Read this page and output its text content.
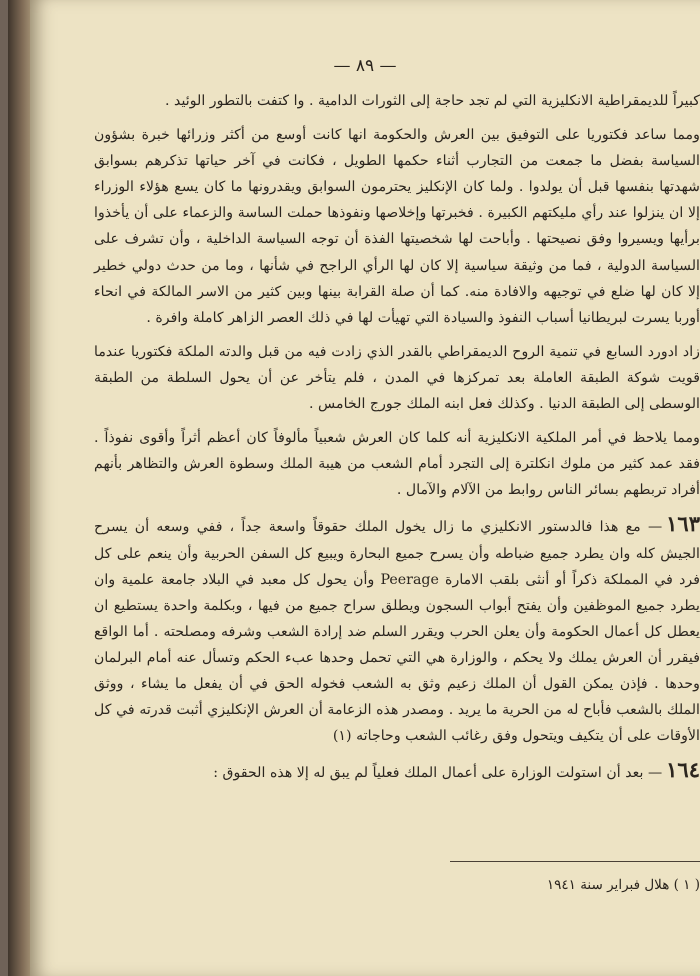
— ٨٩ —

كبيراً للديمقراطية الانكليزية التي لم تجد حاجة إلى الثورات الدامية . وا كتفت بالتطور الوئيد .

ومما ساعد فكتوريا على التوفيق بين العرش والحكومة انها كانت أوسع من أكثر وزرائها خبرة بشؤون السياسة بفضل ما جمعت من التجارب أثناء حكمها الطويل ، فكانت في آخر حياتها تذكرهم بسوابق شهدتها بنفسها قبل أن يولدوا . ولما كان الإنكليز يحترمون السوابق ويقدرونها ما كان يسع هؤلاء الوزراء إلا ان ينزلوا عند رأي مليكتهم الكبيرة . فخبرتها وإخلاصها ونفوذها حملت الساسة والزعماء على أن يأخذوا برأيها ويسيروا وفق نصيحتها . وأباحت لها شخصيتها الفذة أن توجه السياسة الداخلية ، وأن تشرف على السياسة الدولية ، فما من وثيقة سياسية إلا كان لها الرأي الراجح في شأنها ، وما من حدث دولي خطير إلا كان لها ضلع في توجيهه والافادة منه. كما أن صلة القرابة بينها وبين كثير من الاسر المالكة في انحاء أوربا يسرت لبريطانيا أسباب النفوذ والسيادة التي تهيأت لها في ذلك العصر الزاهر كاملة وافرة .

زاد ادورد السابع في تنمية الروح الديمقراطي بالقدر الذي زادت فيه من قبل والدته الملكة فكتوريا عندما قويت شوكة الطبقة العاملة بعد تمركزها في المدن ، فلم يتأخر عن أن يحول السلطة من الطبقة الوسطى إلى الطبقة الدنيا . وكذلك فعل ابنه الملك جورج الخامس .

ومما يلاحظ في أمر الملكية الانكليزية أنه كلما كان العرش شعبياً مألوفاً كان أعظم أثراً وأقوى نفوذاً . فقد عمد كثير من ملوك انكلترة إلى التجرد أمام الشعب من هيبة الملك وسطوة العرش والتظاهر بأنهم أفراد تربطهم بسائر الناس روابط من الآلام والآمال .

١٦٣— مع هذا فالدستور الانكليزي ما زال يخول الملك حقوقاً واسعة جداً ، ففي وسعه أن يسرح الجيش كله وان يطرد جميع ضباطه وأن يسرح جميع البحارة ويبيع كل السفن الحربية وأن ينعم على كل فرد في المملكة ذكراً أو أنثى بلقب الامارة Peerage وأن يحول كل معبد في البلاد جامعة علمية وان يطرد جميع الموظفين وأن يفتح أبواب السجون ويطلق سراح جميع من فيها ، وبكلمة واحدة يستطيع ان يعطل كل أعمال الحكومة وأن يعلن الحرب ويقرر السلم ضد إرادة الشعب وشرفه ومصلحته . أما الواقع فيقرر أن العرش يملك ولا يحكم ، والوزارة هي التي تحمل وحدها عبء الحكم وتسأل عنه أمام البرلمان وحدها . فإذن يمكن القول أن الملك زعيم وثق به الشعب فخوله الحق في أن يفعل ما يشاء ، ووثق الملك بالشعب فأباح له من الحرية ما يريد . ومصدر هذه الزعامة أن العرش الإنكليزي أثبت قدرته في كل الأوقات على أن يتكيف ويتحول وفق رغائب الشعب وحاجاته (١)

١٦٤— بعد أن استولت الوزارة على أعمال الملك فعلياً لم يبق له إلا هذه الحقوق :

( ١ ) هلال فبراير سنة ١٩٤١
